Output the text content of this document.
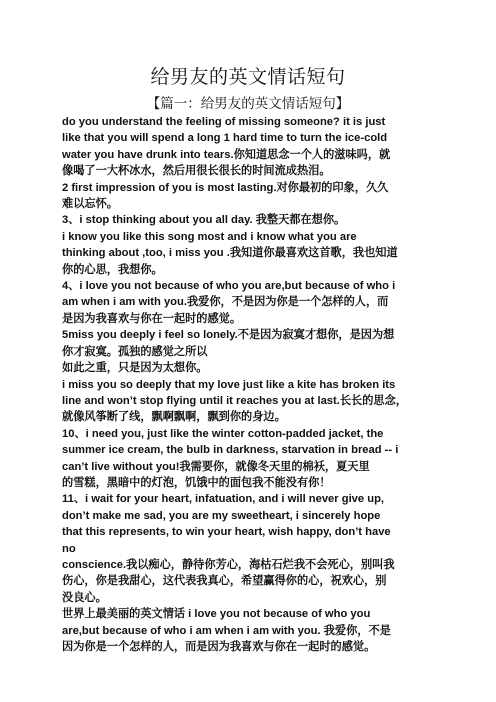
给男友的英文情话短句
【篇一：给男友的英文情话短句】
do you understand the feeling of missing someone? it is just
like that you will spend a long 1 hard time to turn the ice-cold
water you have drunk into tears.你知道思念一个人的滋味吗，就
像喝了一大杯冰水，然后用很长很长的时间流成热泪。
2 first impression of you is most lasting.对你最初的印象，久久
难以忘怀。
3、i stop thinking about you all day. 我整天都在想你。
i know you like this song most and i know what you are
thinking about ,too, i miss you .我知道你最喜欢这首歌，我也知道
你的心思，我想你。
4、i love you not because of who you are,but because of who i
am when i am with you.我爱你，不是因为你是一个怎样的人，而
是因为我喜欢与你在一起时的感觉。
5miss you deeply i feel so lonely.不是因为寂寞才想你，是因为想
你才寂寞。孤独的感觉之所以
如此之重，只是因为太想你。
i miss you so deeply that my love just like a kite has broken its
line and won’t stop flying until it reaches you at last.长长的思念，
就像风筝断了线，飘啊飘啊，飘到你的身边。
10、i need you, just like the winter cotton-padded jacket, the
summer ice cream, the bulb in darkness, starvation in bread -- i
can’t live without you!我需要你，就像冬天里的棉袄，夏天里
的雪糕，黑暗中的灯泡，饥饿中的面包我不能没有你！
11、i wait for your heart, infatuation, and i will never give up,
don’t make me sad, you are my sweetheart, i sincerely hope
that this represents, to win your heart, wish happy, don’t have
no
conscience.我以痴心，静待你芳心，海枯石烂我不会死心，别叫我
伤心，你是我甜心，这代表我真心，希望赢得你的心，祝欢心，别
没良心。
世界上最美丽的英文情话 i love you not because of who you
are,but because of who i am when i am with you. 我爱你，不是
因为你是一个怎样的人，而是因为我喜欢与你在一起时的感觉。
